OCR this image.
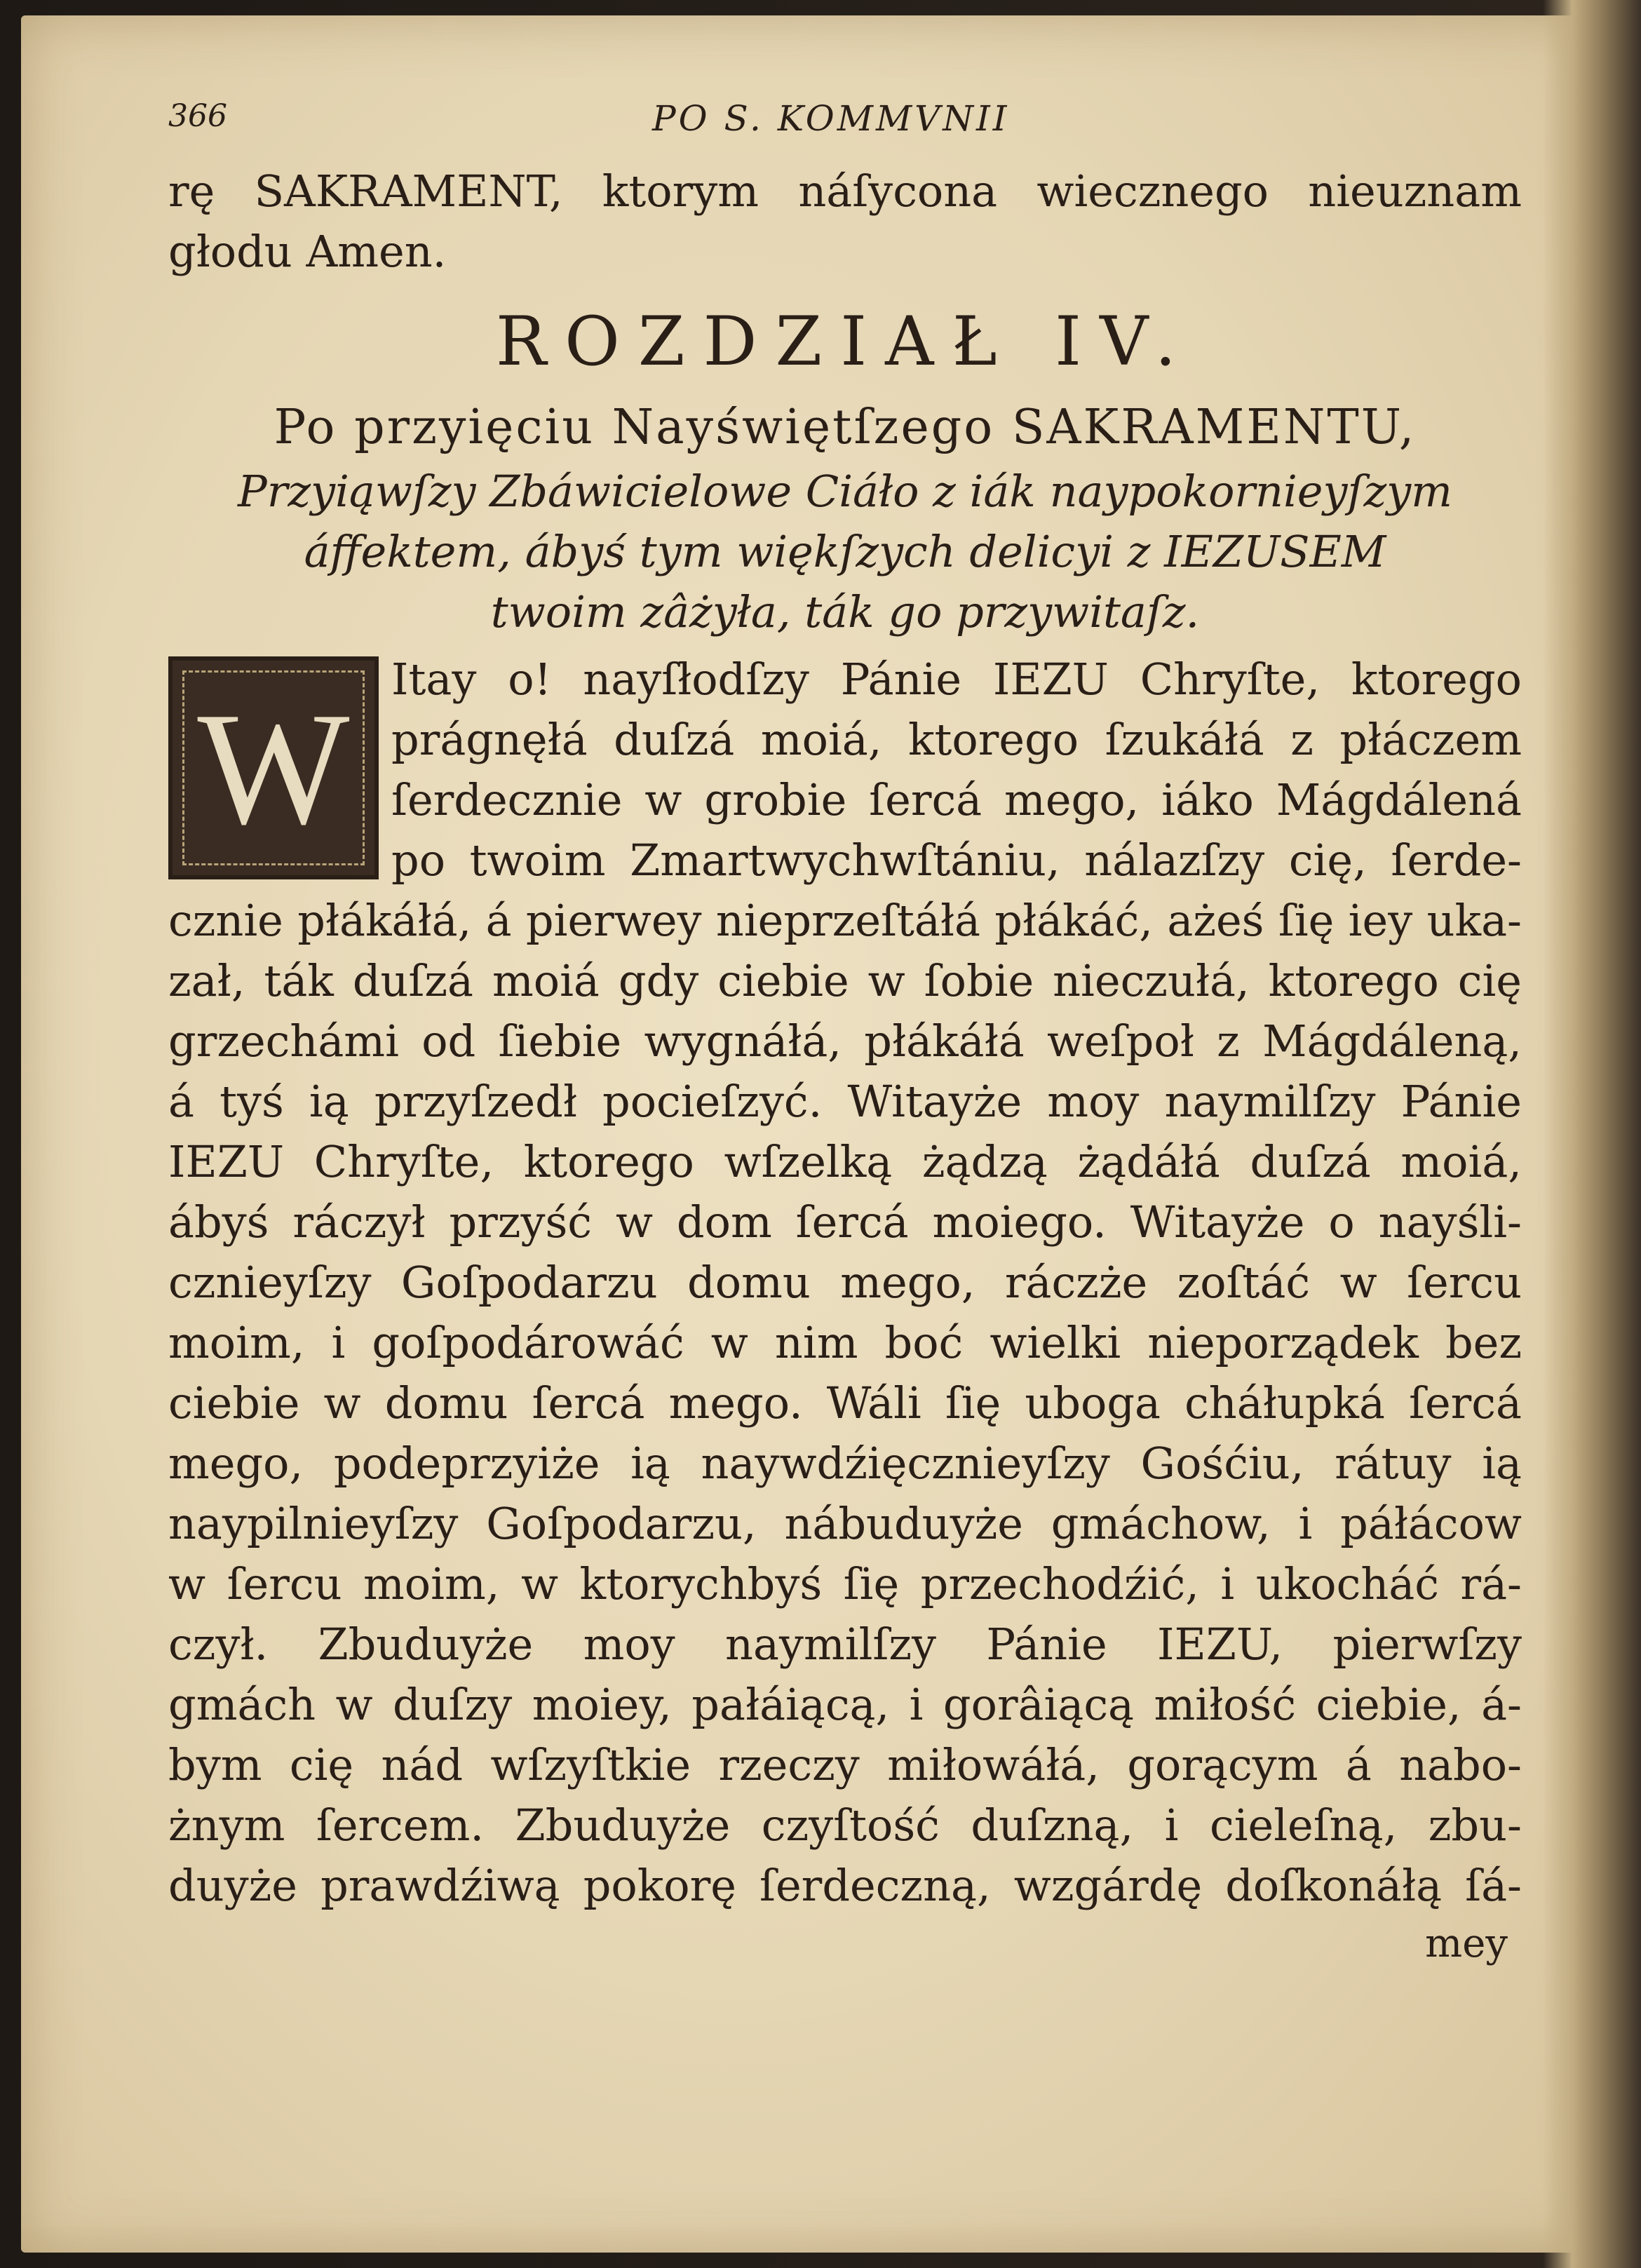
366	PO S. KOMMVNII
rę SAKRAMENT, ktorym náſycona wiecznego nieuznam
głodu Amen.
ROZDZIAŁ IV.
Po przyięciu Nayświętſzego SAKRAMENTU,
Przyiąwſzy Zbáwicielowe Ciáło z iák naypokornieyſzym
áffektem, ábyś tym więkſzych delicyi z IEZUSEM
twoim zâżyła, ták go przywitaſz.
W Itay o! nayſłodſzy Pánie IEZU Chryſte, ktorego
prágnęłá duſzá moiá, ktorego ſzukáłá z płáczem
ſerdecznie w grobie ſercá mego, iáko Mágdálená
po twoim Zmartwychwſtániu, nálazſzy cię, ſerde-
cznie płákáłá, á pierwey nieprzeſtáłá płákáć, ażeś ſię iey uka-
zał, ták duſzá moiá gdy ciebie w ſobie nieczułá, ktorego cię
grzechámi od ſiebie wygnáłá, płákáłá weſpoł z Mágdáleną,
á tyś ią przyſzedł pocieſzyć. Witayże moy naymilſzy Pánie
IEZU Chryſte, ktorego wſzelką żądzą żądáłá duſzá moiá,
ábyś ráczył przyść w dom ſercá moiego. Witayże o nayśli-
cznieyſzy Goſpodarzu domu mego, ráczże zoſtáć w ſercu
moim, i goſpodárowáć w nim boć wielki nieporządek bez
ciebie w domu ſercá mego. Wáli ſię uboga cháłupká ſercá
mego, podeprzyiże ią naywdźięcznieyſzy Gośćiu, rátuy ią
naypilnieyſzy Goſpodarzu, nábuduyże gmáchow, i páłácow
w ſercu moim, w ktorychbyś ſię przechodźić, i ukocháć rá-
czył. Zbuduyże moy naymilſzy Pánie IEZU, pierwſzy
gmách w duſzy moiey, pałáiącą, i gorâiącą miłość ciebie, á-
bym cię nád wſzyſtkie rzeczy miłowáłá, gorącym á nabo-
żnym ſercem. Zbuduyże czyſtość duſzną, i cieleſną, zbu-
duyże prawdźiwą pokorę ſerdeczną, wzgárdę doſkonáłą ſá-
mey
